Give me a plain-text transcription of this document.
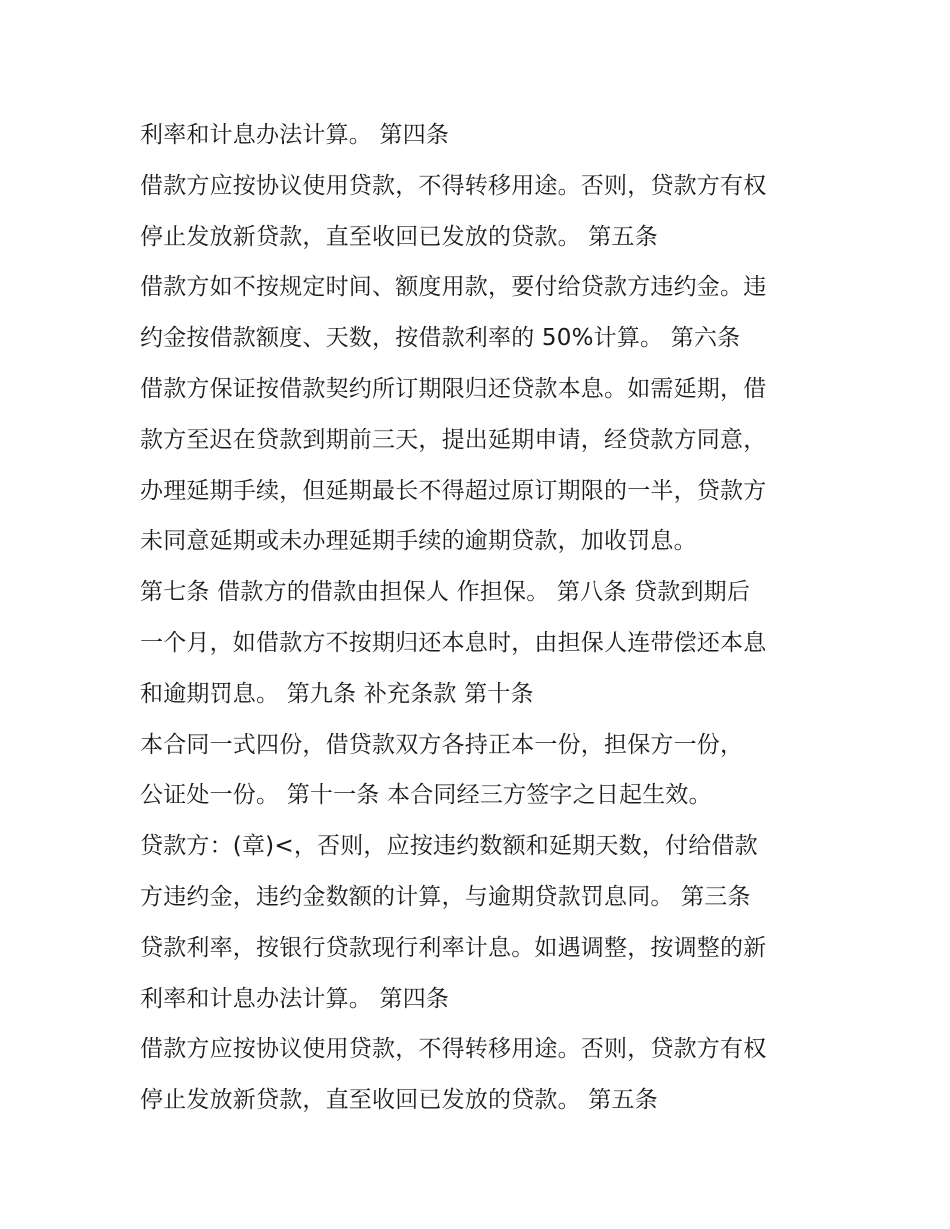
利率和计息办法计算。 第四条
借款方应按协议使用贷款，不得转移用途。否则，贷款方有权
停止发放新贷款，直至收回已发放的贷款。 第五条
借款方如不按规定时间、额度用款，要付给贷款方违约金。违
约金按借款额度、天数，按借款利率的 50%计算。 第六条
借款方保证按借款契约所订期限归还贷款本息。如需延期，借
款方至迟在贷款到期前三天，提出延期申请，经贷款方同意，
办理延期手续，但延期最长不得超过原订期限的一半，贷款方
未同意延期或未办理延期手续的逾期贷款，加收罚息。
第七条 借款方的借款由担保人 作担保。 第八条 贷款到期后
一个月，如借款方不按期归还本息时，由担保人连带偿还本息
和逾期罚息。 第九条 补充条款 第十条
本合同一式四份，借贷款双方各持正本一份，担保方一份，
公证处一份。 第十一条 本合同经三方签字之日起生效。
贷款方：(章)<，否则，应按违约数额和延期天数，付给借款
方违约金，违约金数额的计算，与逾期贷款罚息同。 第三条
贷款利率，按银行贷款现行利率计息。如遇调整，按调整的新
利率和计息办法计算。 第四条
借款方应按协议使用贷款，不得转移用途。否则，贷款方有权
停止发放新贷款，直至收回已发放的贷款。 第五条
